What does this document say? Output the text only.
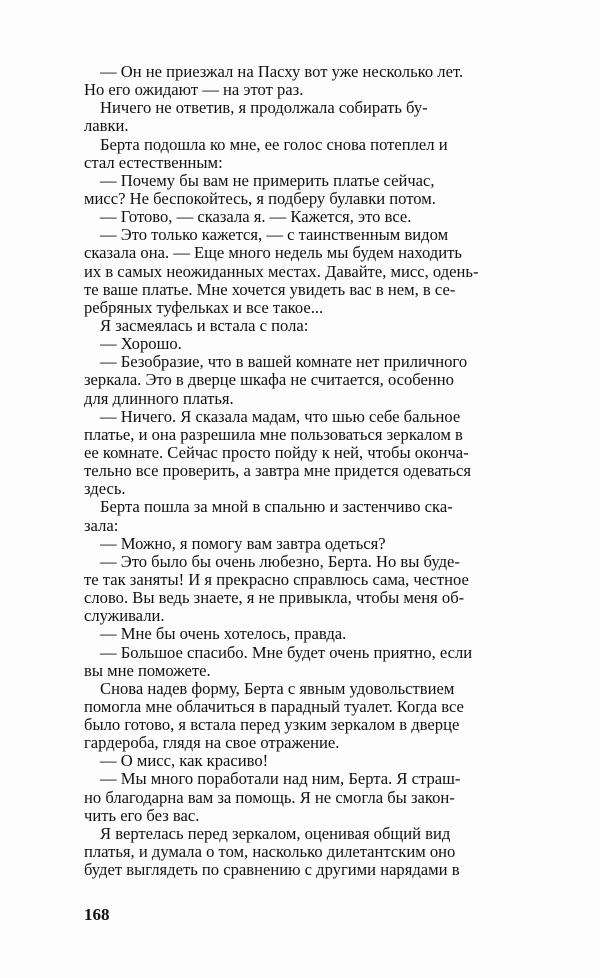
— Он не приезжал на Пасху вот уже несколько лет.
Но его ожидают — на этот раз.
Ничего не ответив, я продолжала собирать бу-
лавки.
Берта подошла ко мне, ее голос снова потеплел и
стал естественным:
— Почему бы вам не примерить платье сейчас,
мисс? Не беспокойтесь, я подберу булавки потом.
— Готово, — сказала я. — Кажется, это все.
— Это только кажется, — с таинственным видом
сказала она. — Еще много недель мы будем находить
их в самых неожиданных местах. Давайте, мисс, одень-
те ваше платье. Мне хочется увидеть вас в нем, в се-
ребряных туфельках и все такое...
Я засмеялась и встала с пола:
— Хорошо.
— Безобразие, что в вашей комнате нет приличного
зеркала. Это в дверце шкафа не считается, особенно
для длинного платья.
— Ничего. Я сказала мадам, что шью себе бальное
платье, и она разрешила мне пользоваться зеркалом в
ее комнате. Сейчас просто пойду к ней, чтобы оконча-
тельно все проверить, а завтра мне придется одеваться
здесь.
Берта пошла за мной в спальню и застенчиво ска-
зала:
— Можно, я помогу вам завтра одеться?
— Это было бы очень любезно, Берта. Но вы буде-
те так заняты! И я прекрасно справлюсь сама, честное
слово. Вы ведь знаете, я не привыкла, чтобы меня об-
служивали.
— Мне бы очень хотелось, правда.
— Большое спасибо. Мне будет очень приятно, если
вы мне поможете.
Снова надев форму, Берта с явным удовольствием
помогла мне облачиться в парадный туалет. Когда все
было готово, я встала перед узким зеркалом в дверце
гардероба, глядя на свое отражение.
— О мисс, как красиво!
— Мы много поработали над ним, Берта. Я страш-
но благодарна вам за помощь. Я не смогла бы закон-
чить его без вас.
Я вертелась перед зеркалом, оценивая общий вид
платья, и думала о том, насколько дилетантским оно
будет выглядеть по сравнению с другими нарядами в
168
